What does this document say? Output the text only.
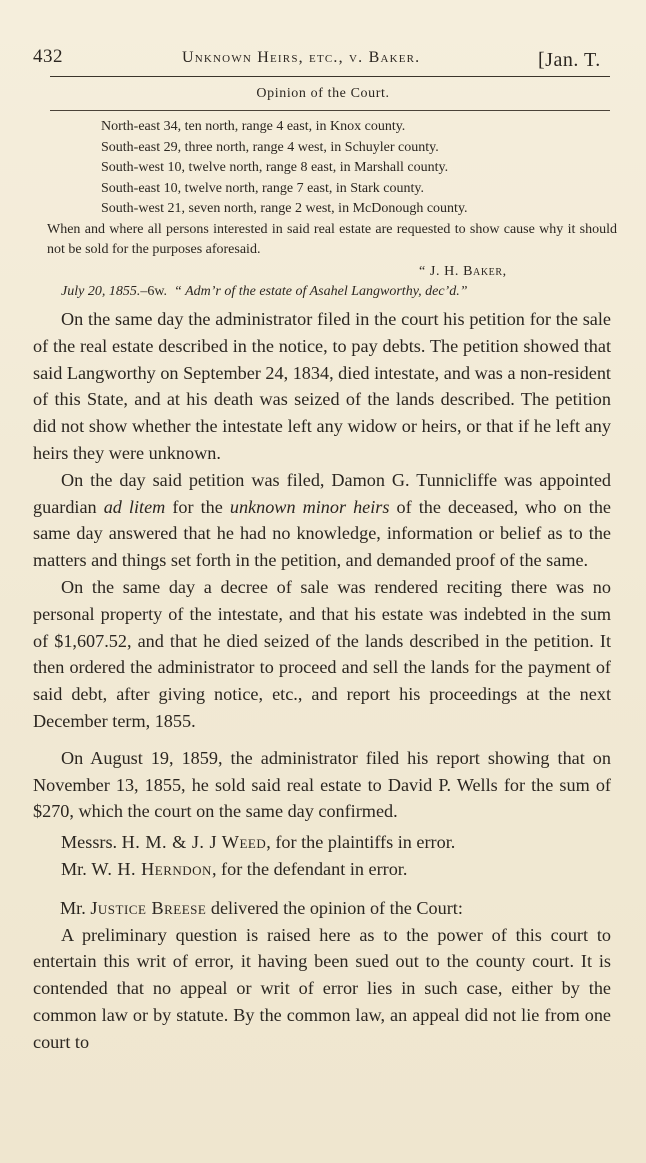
432	Unknown Heirs, etc., v. Baker.	[Jan. T.
Opinion of the Court.
North-east 34, ten north, range 4 east, in Knox county.
South-east 29, three north, range 4 west, in Schuyler county.
South-west 10, twelve north, range 8 east, in Marshall county.
South-east 10, twelve north, range 7 east, in Stark county.
South-west 21, seven north, range 2 west, in McDonough county.
When and where all persons interested in said real estate are requested to show cause why it should not be sold for the purposes aforesaid.
“ J. H. Baker,
July 20, 1855.–6w. “ Adm’r of the estate of Asahel Langworthy, dec’d.”

On the same day the administrator filed in the court his petition for the sale of the real estate described in the notice, to pay debts. The petition showed that said Langworthy on September 24, 1834, died intestate, and was a non-resident of this State, and at his death was seized of the lands described. The petition did not show whether the intestate left any widow or heirs, or that if he left any heirs they were unknown.

On the day said petition was filed, Damon G. Tunnicliffe was appointed guardian ad litem for the unknown minor heirs of the deceased, who on the same day answered that he had no knowledge, information or belief as to the matters and things set forth in the petition, and demanded proof of the same.

On the same day a decree of sale was rendered reciting there was no personal property of the intestate, and that his estate was indebted in the sum of $1,607.52, and that he died seized of the lands described in the petition. It then ordered the administrator to proceed and sell the lands for the payment of said debt, after giving notice, etc., and report his proceedings at the next December term, 1855.

On August 19, 1859, the administrator filed his report showing that on November 13, 1855, he sold said real estate to David P. Wells for the sum of $270, which the court on the same day confirmed.

Messrs. H. M. & J. J Weed, for the plaintiffs in error.

Mr. W. H. Herndon, for the defendant in error.

Mr. Justice Breese delivered the opinion of the Court:

A preliminary question is raised here as to the power of this court to entertain this writ of error, it having been sued out to the county court. It is contended that no appeal or writ of error lies in such case, either by the common law or by statute. By the common law, an appeal did not lie from one court to
